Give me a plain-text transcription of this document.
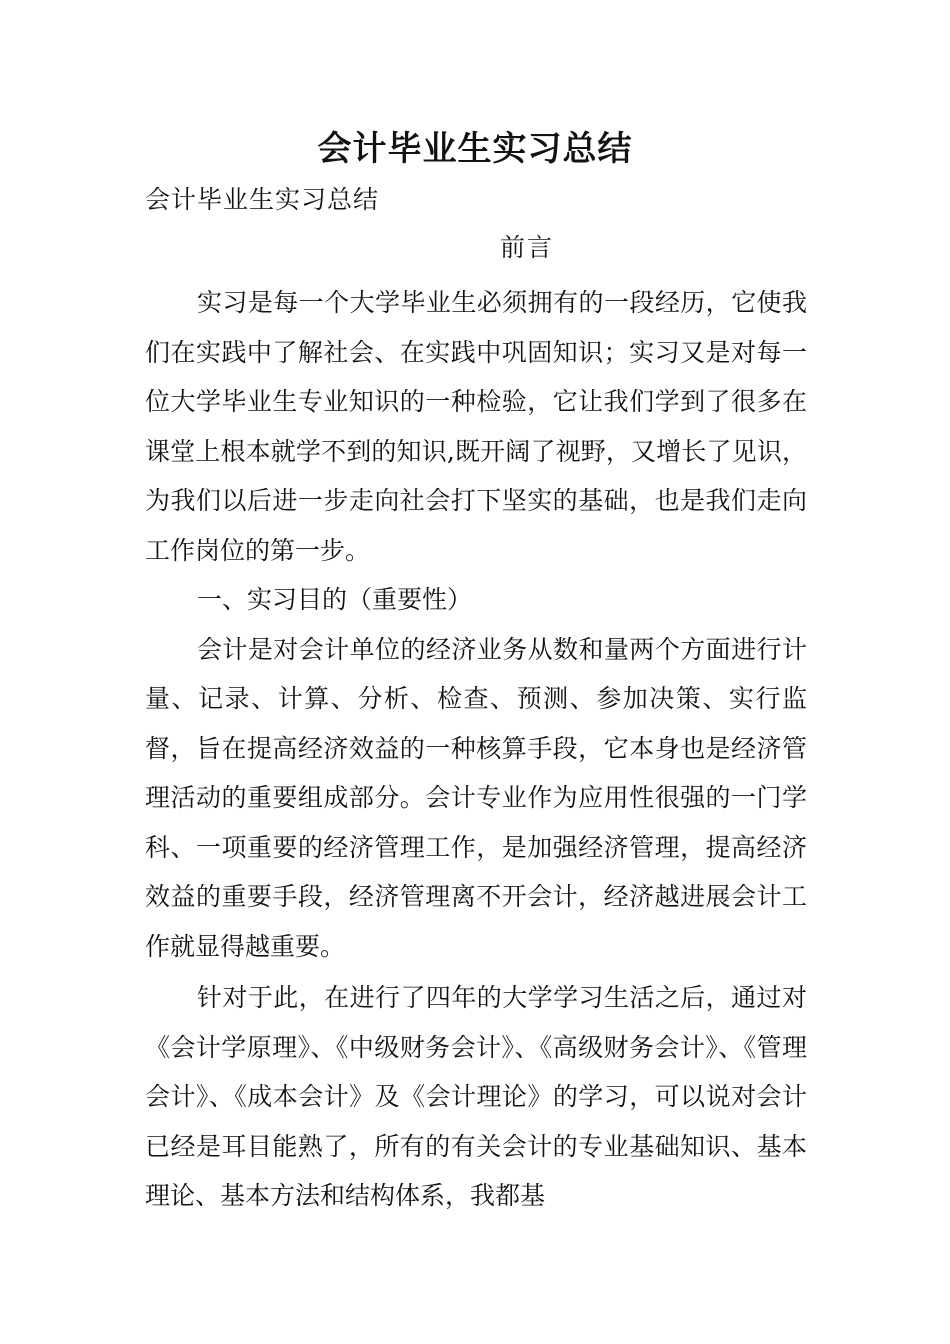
会计毕业生实习总结
会计毕业生实习总结
前言

实习是每一个大学毕业生必须拥有的一段经历，它使我们在实践中了解社会、在实践中巩固知识；实习又是对每一位大学毕业生专业知识的一种检验，它让我们学到了很多在课堂上根本就学不到的知识,既开阔了视野，又增长了见识，为我们以后进一步走向社会打下坚实的基础，也是我们走向工作岗位的第一步。

一、实习目的（重要性）

会计是对会计单位的经济业务从数和量两个方面进行计量、记录、计算、分析、检查、预测、参加决策、实行监督，旨在提高经济效益的一种核算手段，它本身也是经济管理活动的重要组成部分。会计专业作为应用性很强的一门学科、一项重要的经济管理工作，是加强经济管理，提高经济效益的重要手段，经济管理离不开会计，经济越进展会计工作就显得越重要。

针对于此，在进行了四年的大学学习生活之后，通过对《会计学原理》、《中级财务会计》、《高级财务会计》、《管理会计》、《成本会计》及《会计理论》的学习，可以说对会计已经是耳目能熟了，所有的有关会计的专业基础知识、基本理论、基本方法和结构体系，我都基
